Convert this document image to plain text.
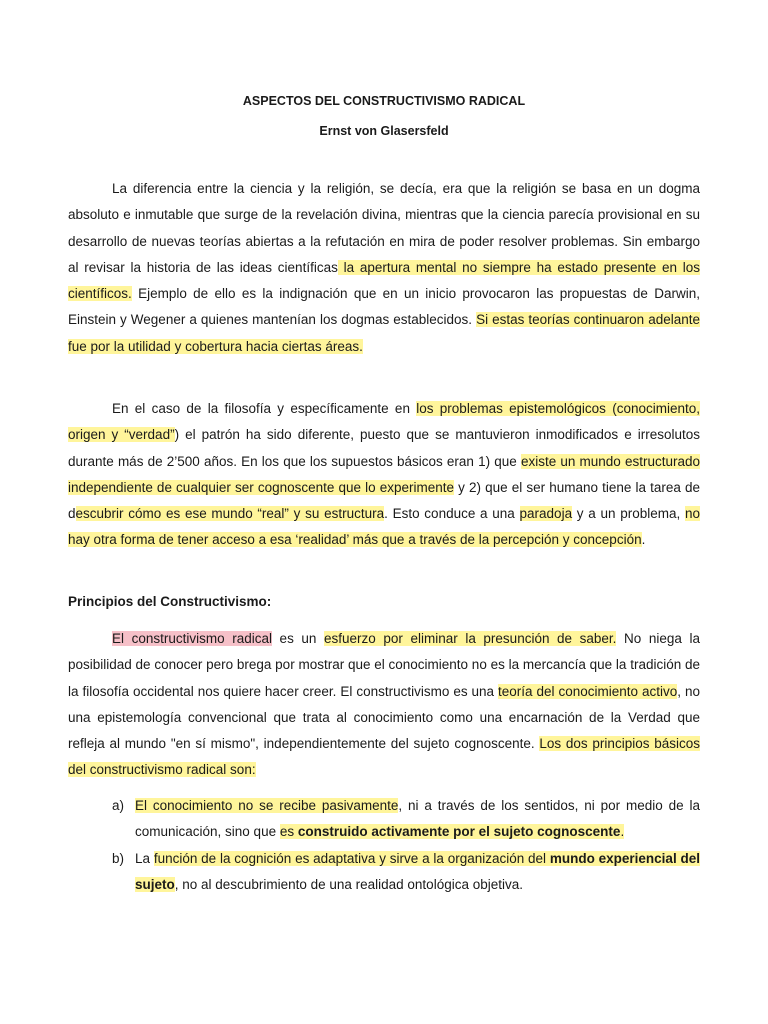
ASPECTOS DEL CONSTRUCTIVISMO RADICAL

Ernst von Glasersfeld

La diferencia entre la ciencia y la religión, se decía, era que la religión se basa en un dogma absoluto e inmutable que surge de la revelación divina, mientras que la ciencia parecía provisional en su desarrollo de nuevas teorías abiertas a la refutación en mira de poder resolver problemas. Sin embargo al revisar la historia de las ideas científicas la apertura mental no siempre ha estado presente en los científicos. Ejemplo de ello es la indignación que en un inicio provocaron las propuestas de Darwin, Einstein y Wegener a quienes mantenían los dogmas establecidos. Si estas teorías continuaron adelante fue por la utilidad y cobertura hacia ciertas áreas.

En el caso de la filosofía y específicamente en los problemas epistemológicos (conocimiento, origen y “verdad”) el patrón ha sido diferente, puesto que se mantuvieron inmodificados e irresolutos durante más de 2’500 años. En los que los supuestos básicos eran 1) que existe un mundo estructurado independiente de cualquier ser cognoscente que lo experimente y 2) que el ser humano tiene la tarea de descubrir cómo es ese mundo “real” y su estructura. Esto conduce a una paradoja y a un problema, no hay otra forma de tener acceso a esa ‘realidad’ más que a través de la percepción y concepción.

Principios del Constructivismo:

El constructivismo radical es un esfuerzo por eliminar la presunción de saber. No niega la posibilidad de conocer pero brega por mostrar que el conocimiento no es la mercancía que la tradición de la filosofía occidental nos quiere hacer creer. El constructivismo es una teoría del conocimiento activo, no una epistemología convencional que trata al conocimiento como una encarnación de la Verdad que refleja al mundo "en sí mismo", independientemente del sujeto cognoscente. Los dos principios básicos del constructivismo radical son:

a) El conocimiento no se recibe pasivamente, ni a través de los sentidos, ni por medio de la comunicación, sino que es construido activamente por el sujeto cognoscente.
b) La función de la cognición es adaptativa y sirve a la organización del mundo experiencial del sujeto, no al descubrimiento de una realidad ontológica objetiva.
